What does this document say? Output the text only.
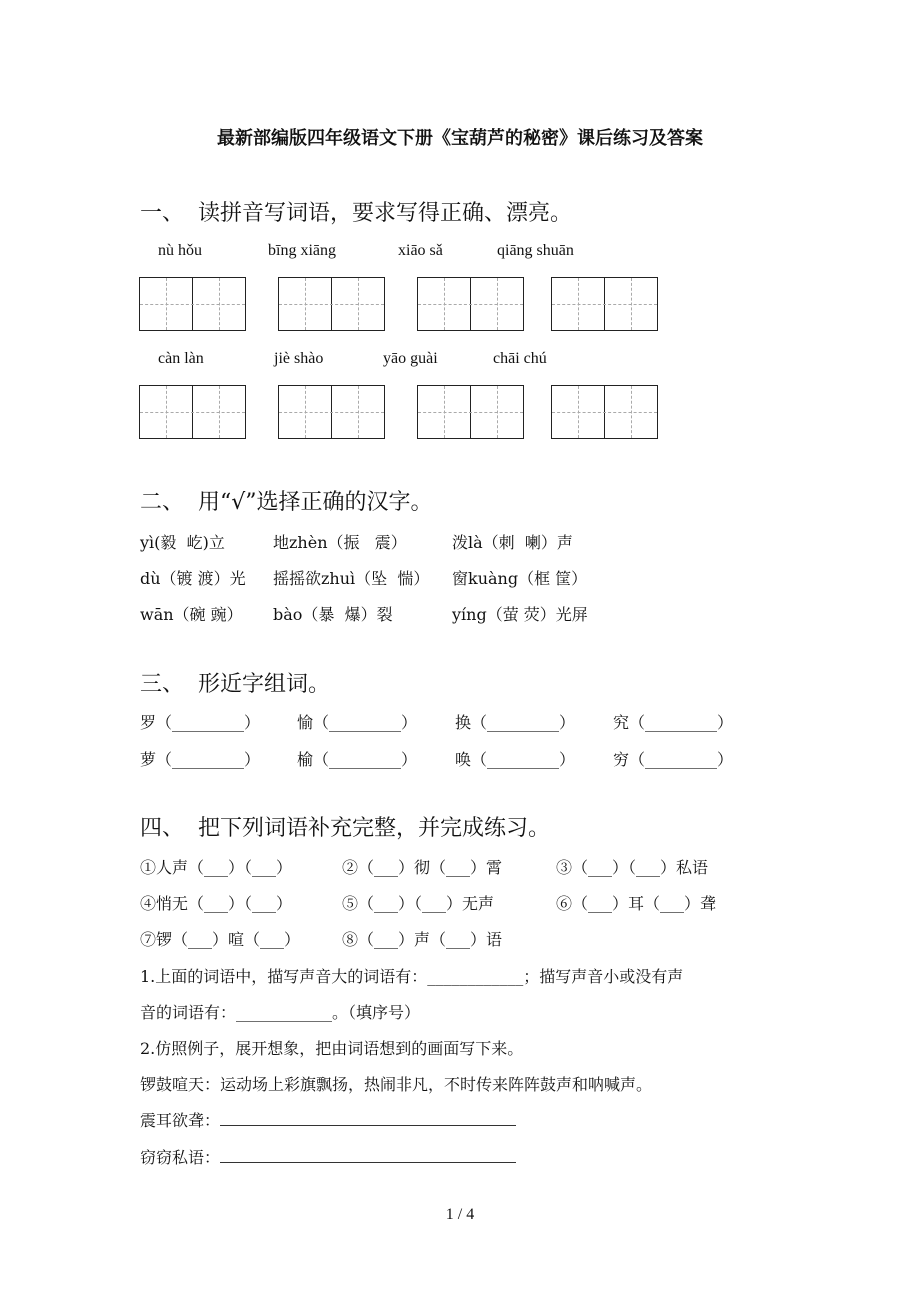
最新部编版四年级语文下册《宝葫芦的秘密》课后练习及答案
一、  读拼音写词语，要求写得正确、漂亮。
nù hǒu	bīng xiāng	xiāo sǎ	qiāng shuān
càn làn	jiè shào	yāo guài	chāi chú
二、  用“√”选择正确的汉字。
yì(毅  屹)立	地zhèn（振   震）	泼là（刺  喇）声
dù（镀 渡）光 摇摇欲zhuì（坠  惴） 窗kuàng（框 筐）
wān（碗 豌） bào（暴  爆）裂	yíng（萤 荧）光屏
三、  形近字组词。
罗（_________） 愉（_________） 换（_________） 究（_________）
萝（_________） 榆（_________） 唤（_________） 穷（_________）
四、  把下列词语补充完整，并完成练习。
①人声（___）（___）	②（___）彻（___）霄	③（___）（___）私语
④悄无（___）（___）	⑤（___）（___）无声	⑥（___）耳（___）聋
⑦锣（___）喧（___）	⑧（___）声（___）语
1.上面的词语中，描写声音大的词语有：____________；描写声音小或没有声
音的词语有：____________。（填序号）
2.仿照例子，展开想象，把由词语想到的画面写下来。
锣鼓喧天：运动场上彩旗飘扬，热闹非凡，不时传来阵阵鼓声和呐喊声。
震耳欲聋：
窃窃私语：
1 / 4
